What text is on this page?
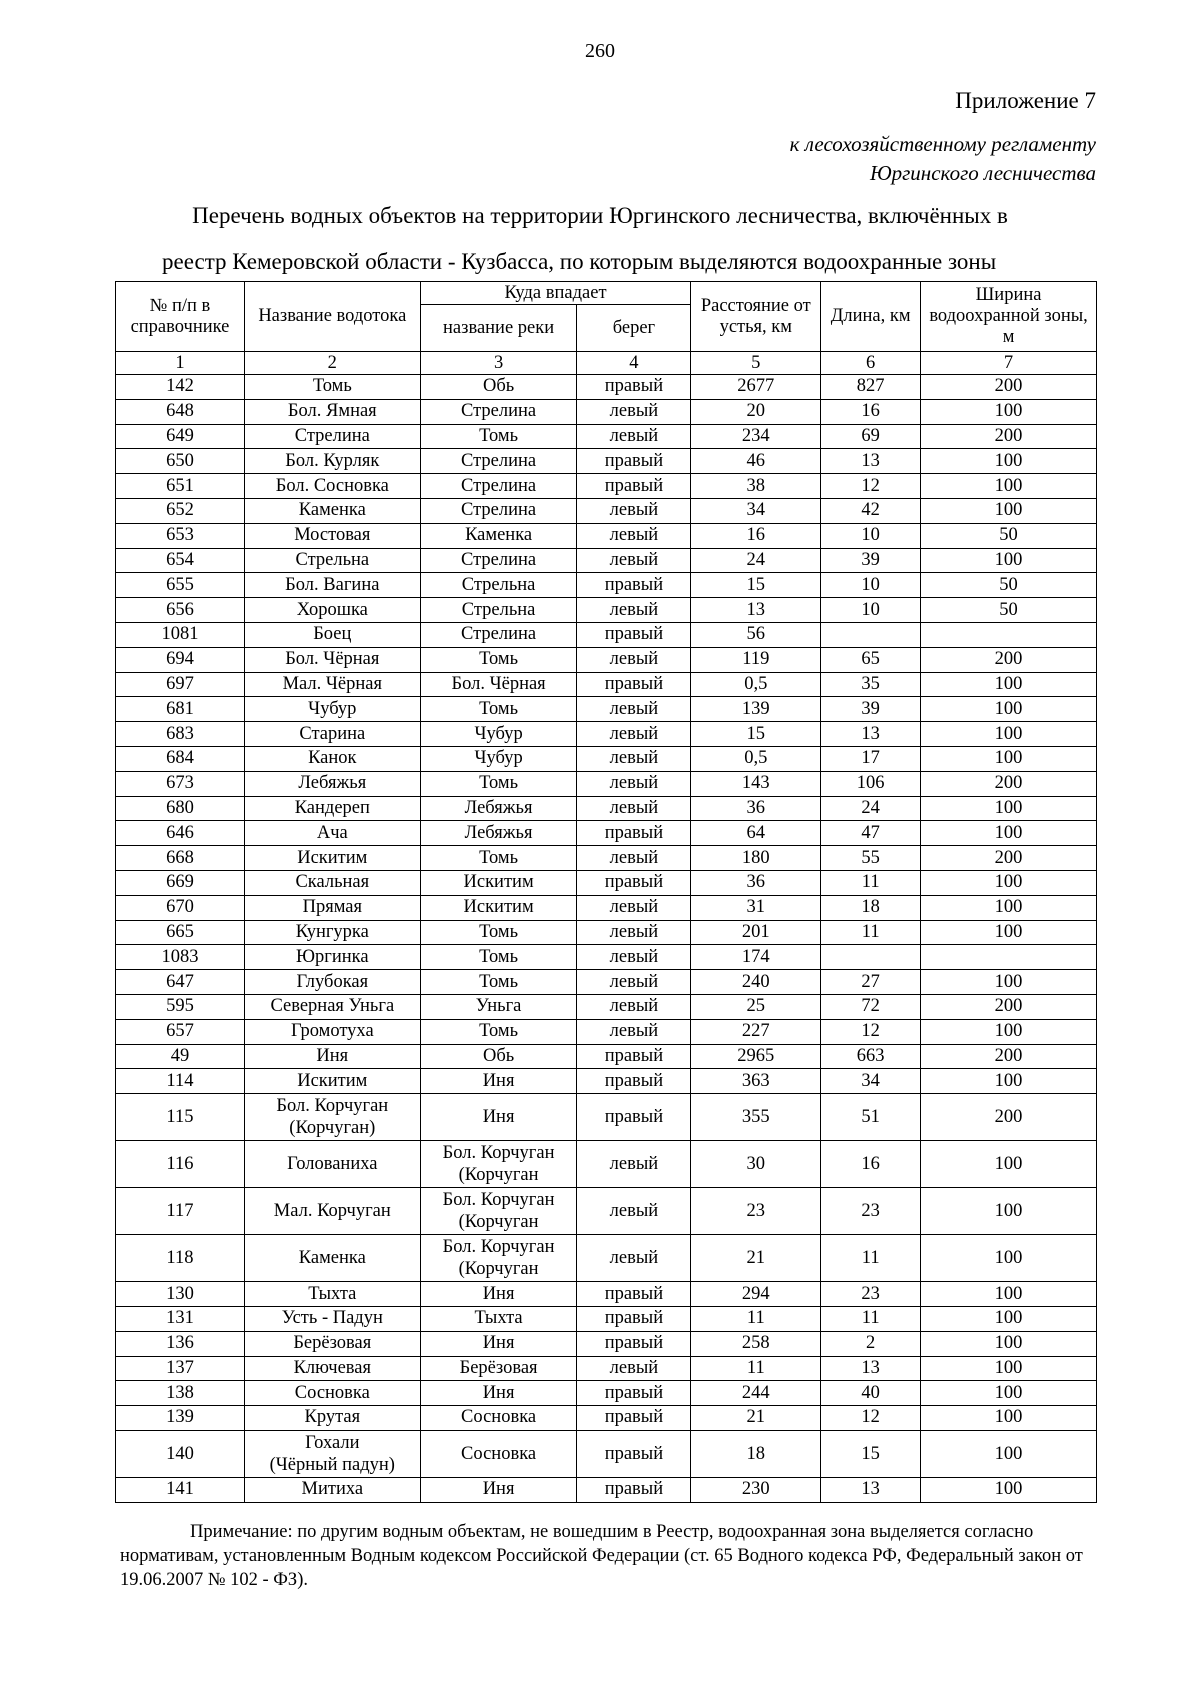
260
Приложение 7
к лесохозяйственному регламенту
Юргинского лесничества
Перечень водных объектов на территории Юргинского лесничества, включённых в
реестр Кемеровской области - Кузбасса, по которым выделяются водоохранные зоны
№ п/п в справочнике	Название водотока	Куда впадает		Расстояние от устья, км	Длина, км	Ширина водоохранной зоны, м
		название реки	берег			
1	2	3	4	5	6	7
142	Томь	Обь	правый	2677	827	200
648	Бол. Ямная	Стрелина	левый	20	16	100
649	Стрелина	Томь	левый	234	69	200
650	Бол. Курляк	Стрелина	правый	46	13	100
651	Бол. Сосновка	Стрелина	правый	38	12	100
652	Каменка	Стрелина	левый	34	42	100
653	Мостовая	Каменка	левый	16	10	50
654	Стрельна	Стрелина	левый	24	39	100
655	Бол. Вагина	Стрельна	правый	15	10	50
656	Хорошка	Стрельна	левый	13	10	50
1081	Боец	Стрелина	правый	56		
694	Бол. Чёрная	Томь	левый	119	65	200
697	Мал. Чёрная	Бол. Чёрная	правый	0,5	35	100
681	Чубур	Томь	левый	139	39	100
683	Старина	Чубур	левый	15	13	100
684	Канок	Чубур	левый	0,5	17	100
673	Лебяжья	Томь	левый	143	106	200
680	Кандереп	Лебяжья	левый	36	24	100
646	Ача	Лебяжья	правый	64	47	100
668	Искитим	Томь	левый	180	55	200
669	Скальная	Искитим	правый	36	11	100
670	Прямая	Искитим	левый	31	18	100
665	Кунгурка	Томь	левый	201	11	100
1083	Юргинка	Томь	левый	174		
647	Глубокая	Томь	левый	240	27	100
595	Северная Уньга	Уньга	левый	25	72	200
657	Громотуха	Томь	левый	227	12	100
49	Иня	Обь	правый	2965	663	200
114	Искитим	Иня	правый	363	34	100
115	Бол. Корчуган
(Корчуган)	Иня	правый	355	51	200
116	Голованиха	Бол. Корчуган
(Корчуган	левый	30	16	100
117	Мал. Корчуган	Бол. Корчуган
(Корчуган	левый	23	23	100
118	Каменка	Бол. Корчуган
(Корчуган	левый	21	11	100
130	Тыхта	Иня	правый	294	23	100
131	Усть - Падун	Тыхта	правый	11	11	100
136	Берёзовая	Иня	правый	258	2	100
137	Ключевая	Берёзовая	левый	11	13	100
138	Сосновка	Иня	правый	244	40	100
139	Крутая	Сосновка	правый	21	12	100
140	Гохали
(Чёрный падун)	Сосновка	правый	18	15	100
141	Митиха	Иня	правый	230	13	100
Примечание: по другим водным объектам, не вошедшим в Реестр, водоохранная зона выделяется согласно нормативам, установленным Водным кодексом Российской Федерации (ст. 65 Водного кодекса РФ, Федеральный закон от 19.06.2007 № 102 - ФЗ).
